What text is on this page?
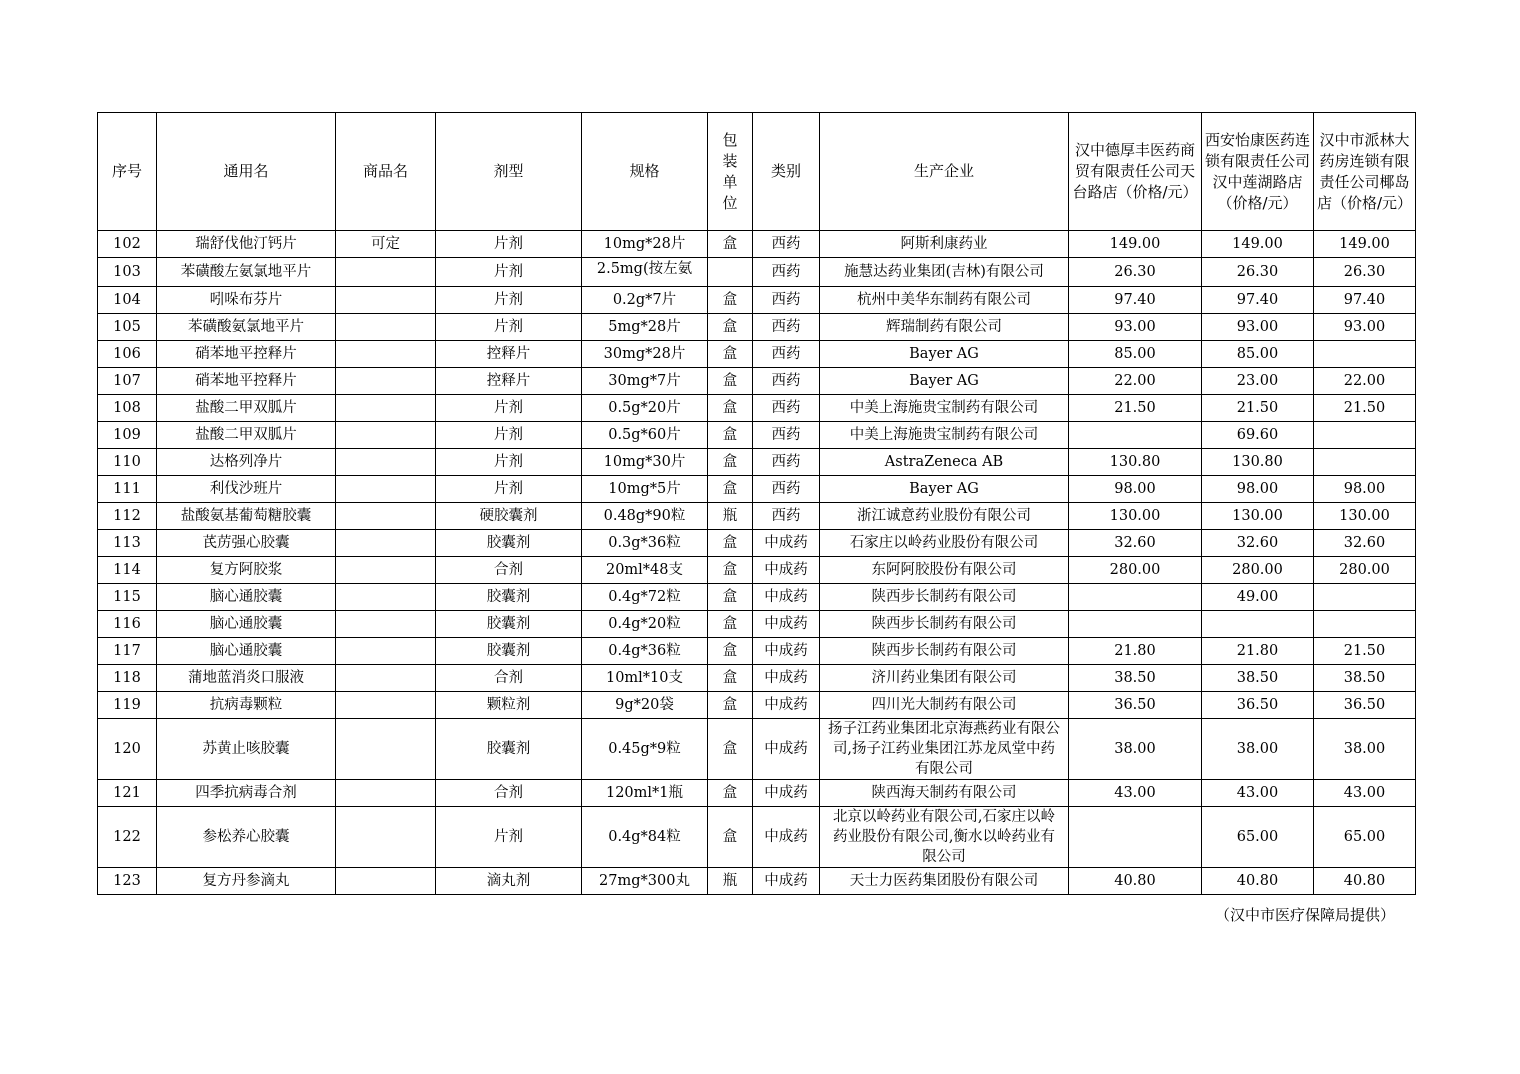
序号	通用名	商品名	剂型	规格	包装单位	类别	生产企业	汉中德厚丰医药商贸有限责任公司天台路店（价格/元）	西安怡康医药连锁有限责任公司汉中莲湖路店（价格/元）	汉中市派林大药房连锁有限责任公司椰岛店（价格/元）
102	瑞舒伐他汀钙片	可定	片剂	10mg*28片	盒	西药	阿斯利康药业	149.00	149.00	149.00
103	苯磺酸左氨氯地平片		片剂	2.5mg(按左氨		西药	施慧达药业集团(吉林)有限公司	26.30	26.30	26.30
104	吲哚布芬片		片剂	0.2g*7片	盒	西药	杭州中美华东制药有限公司	97.40	97.40	97.40
105	苯磺酸氨氯地平片		片剂	5mg*28片	盒	西药	辉瑞制药有限公司	93.00	93.00	93.00
106	硝苯地平控释片		控释片	30mg*28片	盒	西药	Bayer AG	85.00	85.00	
107	硝苯地平控释片		控释片	30mg*7片	盒	西药	Bayer AG	22.00	23.00	22.00
108	盐酸二甲双胍片		片剂	0.5g*20片	盒	西药	中美上海施贵宝制药有限公司	21.50	21.50	21.50
109	盐酸二甲双胍片		片剂	0.5g*60片	盒	西药	中美上海施贵宝制药有限公司		69.60	
110	达格列净片		片剂	10mg*30片	盒	西药	AstraZeneca AB	130.80	130.80	
111	利伐沙班片		片剂	10mg*5片	盒	西药	Bayer AG	98.00	98.00	98.00
112	盐酸氨基葡萄糖胶囊		硬胶囊剂	0.48g*90粒	瓶	西药	浙江诚意药业股份有限公司	130.00	130.00	130.00
113	芪苈强心胶囊		胶囊剂	0.3g*36粒	盒	中成药	石家庄以岭药业股份有限公司	32.60	32.60	32.60
114	复方阿胶浆		合剂	20ml*48支	盒	中成药	东阿阿胶股份有限公司	280.00	280.00	280.00
115	脑心通胶囊		胶囊剂	0.4g*72粒	盒	中成药	陕西步长制药有限公司		49.00	
116	脑心通胶囊		胶囊剂	0.4g*20粒	盒	中成药	陕西步长制药有限公司			
117	脑心通胶囊		胶囊剂	0.4g*36粒	盒	中成药	陕西步长制药有限公司	21.80	21.80	21.50
118	蒲地蓝消炎口服液		合剂	10ml*10支	盒	中成药	济川药业集团有限公司	38.50	38.50	38.50
119	抗病毒颗粒		颗粒剂	9g*20袋	盒	中成药	四川光大制药有限公司	36.50	36.50	36.50
120	苏黄止咳胶囊		胶囊剂	0.45g*9粒	盒	中成药	扬子江药业集团北京海燕药业有限公司,扬子江药业集团江苏龙凤堂中药有限公司	38.00	38.00	38.00
121	四季抗病毒合剂		合剂	120ml*1瓶	盒	中成药	陕西海天制药有限公司	43.00	43.00	43.00
122	参松养心胶囊		片剂	0.4g*84粒	盒	中成药	北京以岭药业有限公司,石家庄以岭药业股份有限公司,衡水以岭药业有限公司		65.00	65.00
123	复方丹参滴丸		滴丸剂	27mg*300丸	瓶	中成药	天士力医药集团股份有限公司	40.80	40.80	40.80
（汉中市医疗保障局提供）
